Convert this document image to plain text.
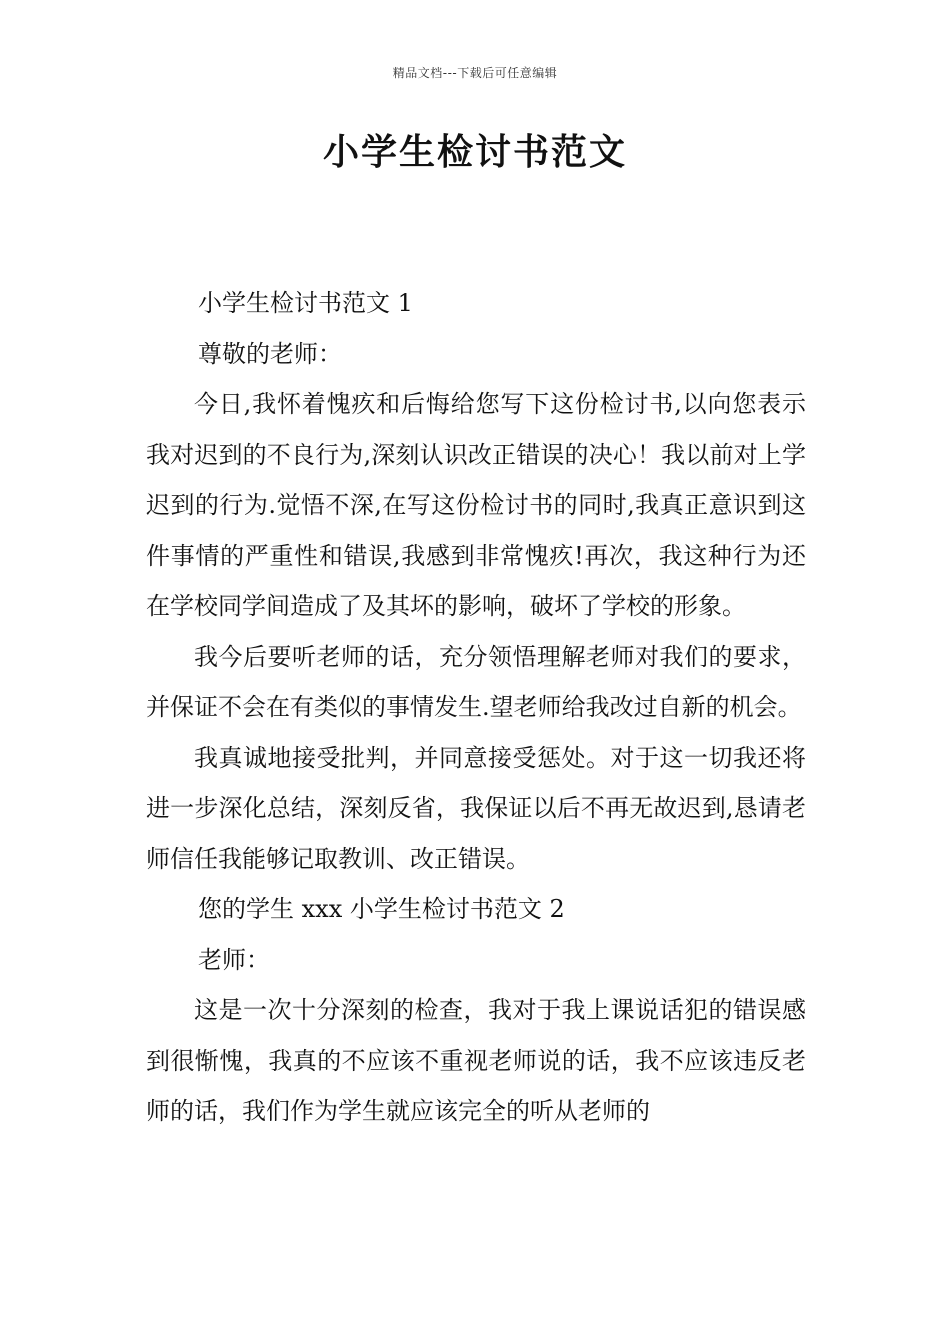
精品文档---下载后可任意编辑
小学生检讨书范文

小学生检讨书范文 1

尊敬的老师：

今日,我怀着愧疚和后悔给您写下这份检讨书,以向您表示我对迟到的不良行为,深刻认识改正错误的决心！我以前对上学迟到的行为.觉悟不深,在写这份检讨书的同时,我真正意识到这件事情的严重性和错误,我感到非常愧疚!再次，我这种行为还在学校同学间造成了及其坏的影响，破坏了学校的形象。

我今后要听老师的话，充分领悟理解老师对我们的要求，并保证不会在有类似的事情发生.望老师给我改过自新的机会。

我真诚地接受批判，并同意接受惩处。对于这一切我还将进一步深化总结，深刻反省，我保证以后不再无故迟到,恳请老师信任我能够记取教训、改正错误。

您的学生 xxx 小学生检讨书范文 2

老师：

这是一次十分深刻的检查，我对于我上课说话犯的错误感到很惭愧，我真的不应该不重视老师说的话，我不应该违反老师的话，我们作为学生就应该完全的听从老师的
